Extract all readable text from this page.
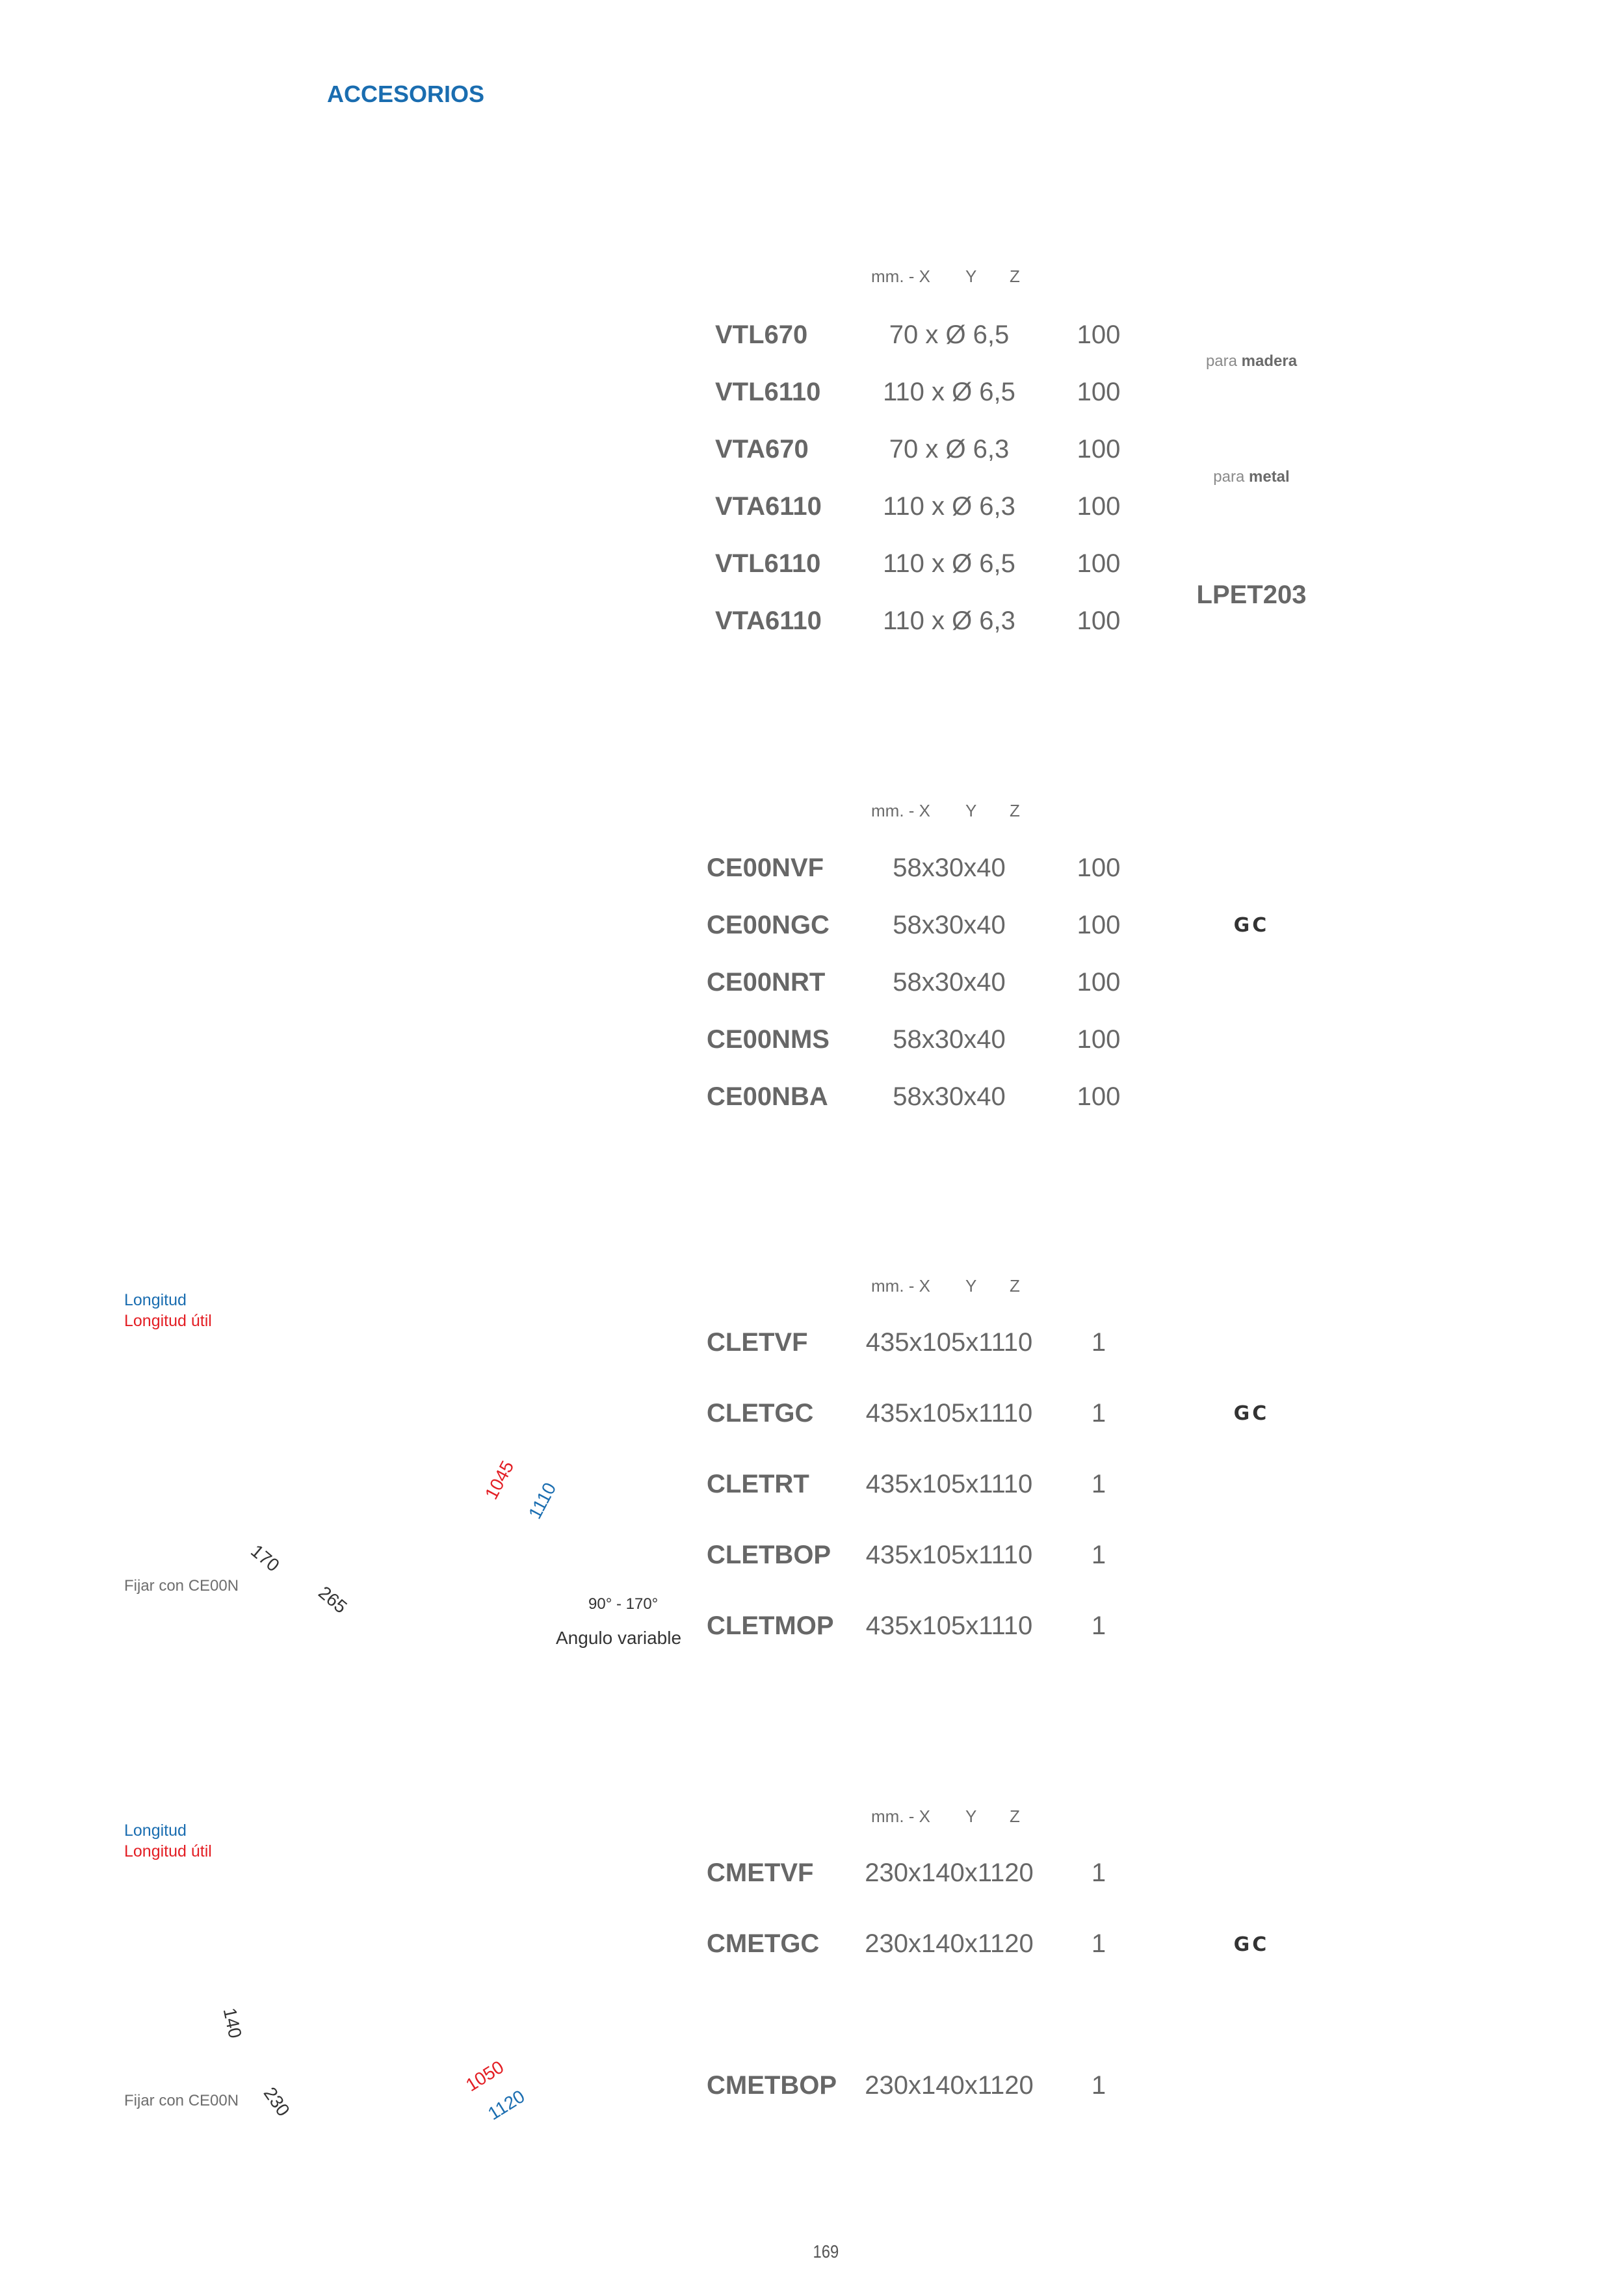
ACCESORIOS
mm. - X Y Z
VTL670	70 x Ø 6,5	100
VTL6110	110 x Ø 6,5	100
VTA670	70 x Ø 6,3	100
VTA6110	110 x Ø 6,3	100
VTL6110	110 x Ø 6,5	100
VTA6110	110 x Ø 6,3	100
para madera
para metal
LPET203
mm. - X Y Z
CE00NVF	58x30x40	100
CE00NGC	58x30x40	100
CE00NRT	58x30x40	100
CE00NMS	58x30x40	100
CE00NBA	58x30x40	100
GC
Longitud
Longitud útil
1045 1110
170
265
Fijar con CE00N
90° - 170°
Angulo variable
mm. - X Y Z
CLETVF	435x105x1110	1
CLETGC	435x105x1110	1
CLETRT	435x105x1110	1
CLETBOP	435x105x1110	1
CLETMOP	435x105x1110	1
GC
Longitud
Longitud útil
140
230
1050
1120
Fijar con CE00N
mm. - X Y Z
CMETVF	230x140x1120	1
CMETGC	230x140x1120	1
CMETBOP	230x140x1120	1
GC
169
